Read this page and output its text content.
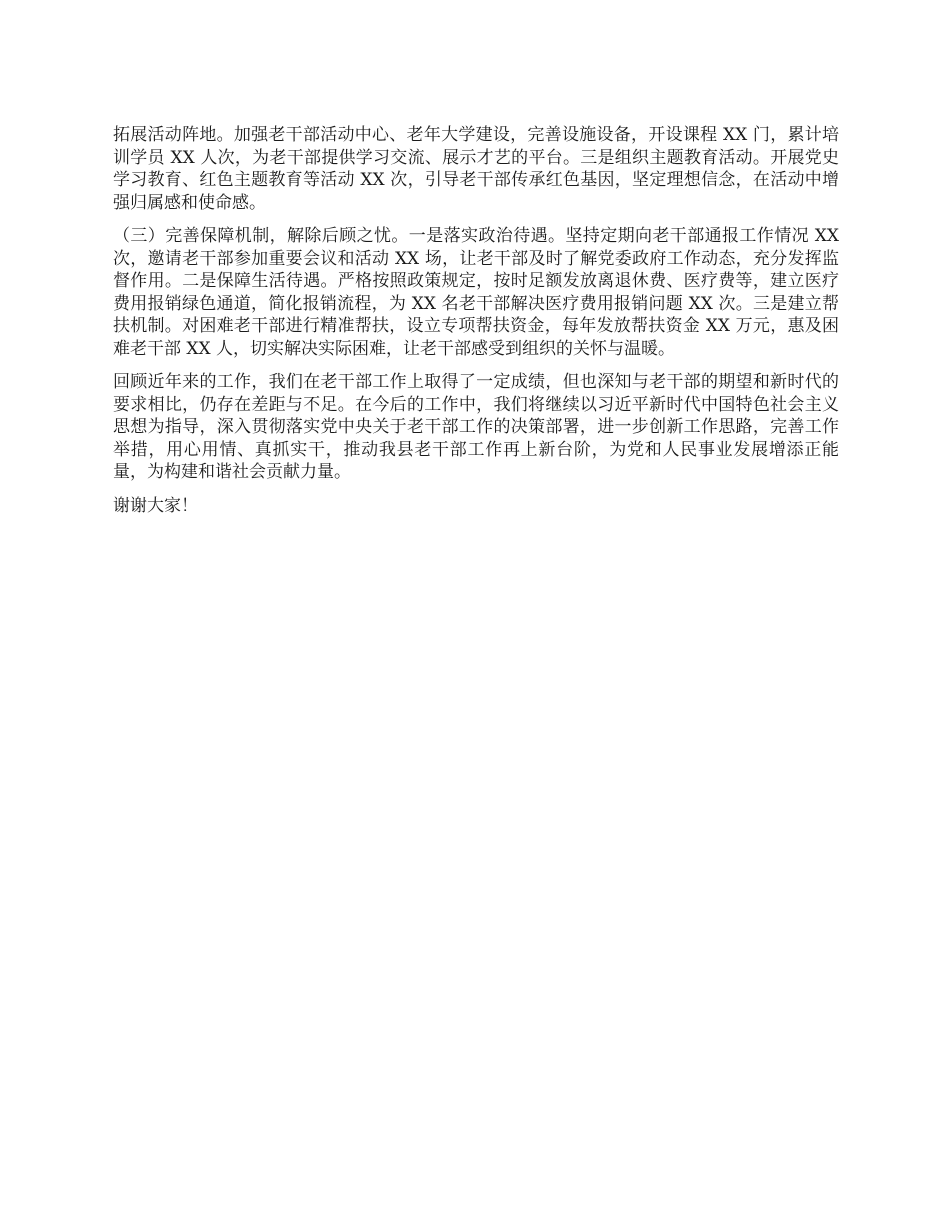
拓展活动阵地。加强老干部活动中心、老年大学建设，完善设施设备，开设课程 XX 门，累计培训学员 XX 人次，为老干部提供学习交流、展示才艺的平台。三是组织主题教育活动。开展党史学习教育、红色主题教育等活动 XX 次，引导老干部传承红色基因，坚定理想信念，在活动中增强归属感和使命感。

（三）完善保障机制，解除后顾之忧。一是落实政治待遇。坚持定期向老干部通报工作情况 XX 次，邀请老干部参加重要会议和活动 XX 场，让老干部及时了解党委政府工作动态，充分发挥监督作用。二是保障生活待遇。严格按照政策规定，按时足额发放离退休费、医疗费等，建立医疗费用报销绿色通道，简化报销流程，为 XX 名老干部解决医疗费用报销问题 XX 次。三是建立帮扶机制。对困难老干部进行精准帮扶，设立专项帮扶资金，每年发放帮扶资金 XX 万元，惠及困难老干部 XX 人，切实解决实际困难，让老干部感受到组织的关怀与温暖。

回顾近年来的工作，我们在老干部工作上取得了一定成绩，但也深知与老干部的期望和新时代的要求相比，仍存在差距与不足。在今后的工作中，我们将继续以习近平新时代中国特色社会主义思想为指导，深入贯彻落实党中央关于老干部工作的决策部署，进一步创新工作思路，完善工作举措，用心用情、真抓实干，推动我县老干部工作再上新台阶，为党和人民事业发展增添正能量，为构建和谐社会贡献力量。

谢谢大家！
